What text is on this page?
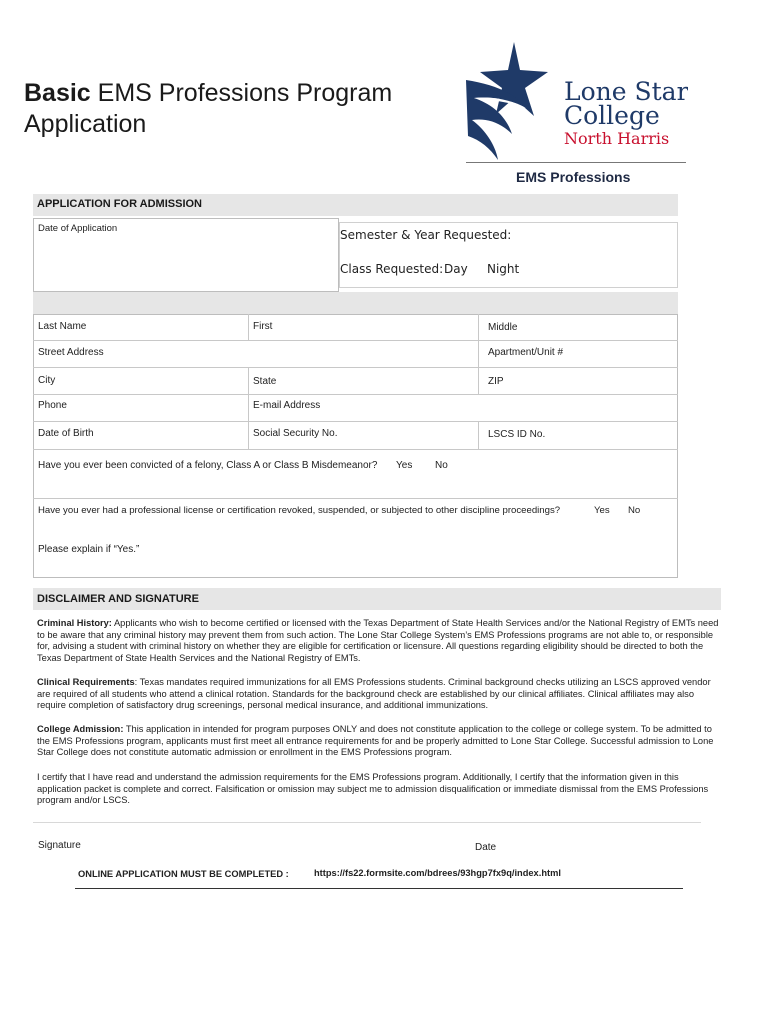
Basic EMS Professions Program
Application
Lone Star
College
North Harris
EMS Professions
APPLICATION FOR ADMISSION
Date of Application	Semester & Year Requested:
Class Requested: Day Night
Last Name	First	Middle
Street Address	Apartment/Unit #
City	State	ZIP
Phone	E-mail Address
Date of Birth	Social Security No.	LSCS ID No.
Have you ever been convicted of a felony, Class A or Class B Misdemeanor? Yes No
Have you ever had a professional license or certification revoked, suspended, or subjected to other discipline proceedings?	Yes No
Please explain if “Yes.”
DISCLAIMER AND SIGNATURE
Criminal History: Applicants who wish to become certified or licensed with the Texas Department of State Health Services and/or the National Registry of EMTs need to be aware that any criminal history may prevent them from such action. The Lone Star College System’s EMS Professions programs are not able to, or responsible for, advising a student with criminal history on whether they are eligible for certification or licensure. All questions regarding eligibility should be directed to both the Texas Department of State Health Services and the National Registry of EMTs.
Clinical Requirements: Texas mandates required immunizations for all EMS Professions students. Criminal background checks utilizing an LSCS approved vendor are required of all students who attend a clinical rotation. Standards for the background check are established by our clinical affiliates. Clinical affiliates may also require completion of satisfactory drug screenings, personal medical insurance, and additional immunizations.
College Admission: This application in intended for program purposes ONLY and does not constitute application to the college or college system. To be admitted to the EMS Professions program, applicants must first meet all entrance requirements for and be properly admitted to Lone Star College. Successful admission to Lone Star College does not constitute automatic admission or enrollment in the EMS Professions program.
I certify that I have read and understand the admission requirements for the EMS Professions program. Additionally, I certify that the information given in this application packet is complete and correct. Falsification or omission may subject me to admission disqualification or immediate dismissal from the EMS Professions program and/or LSCS.
Signature	Date
ONLINE APPLICATION MUST BE COMPLETED :	https://fs22.formsite.com/bdrees/93hgp7fx9q/index.html
